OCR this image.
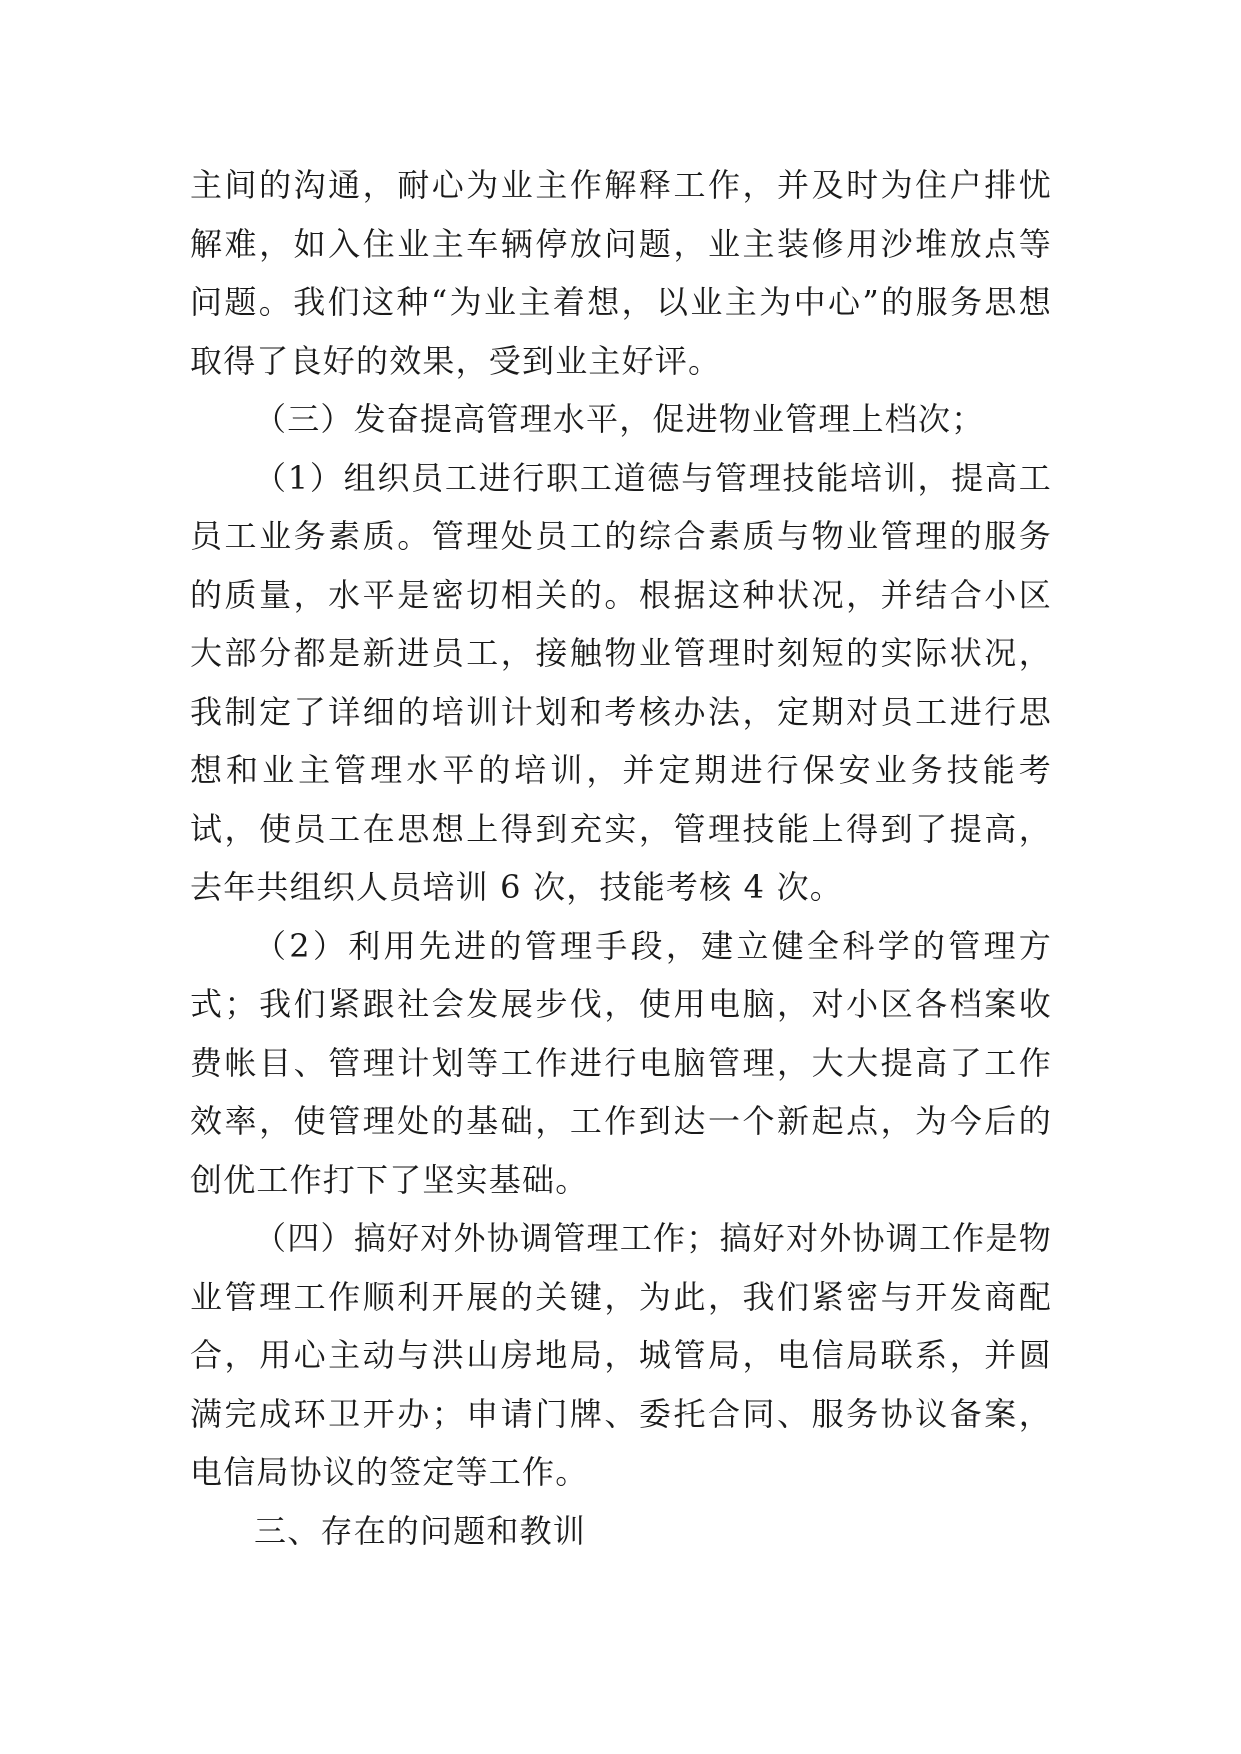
主间的沟通，耐心为业主作解释工作，并及时为住户排忧解难，如入住业主车辆停放问题，业主装修用沙堆放点等问题。我们这种“为业主着想，以业主为中心”的服务思想取得了良好的效果，受到业主好评。

（三）发奋提高管理水平，促进物业管理上档次；

（1）组织员工进行职工道德与管理技能培训，提高工员工业务素质。管理处员工的综合素质与物业管理的服务的质量，水平是密切相关的。根据这种状况，并结合小区大部分都是新进员工，接触物业管理时刻短的实际状况，我制定了详细的培训计划和考核办法，定期对员工进行思想和业主管理水平的培训，并定期进行保安业务技能考试，使员工在思想上得到充实，管理技能上得到了提高，去年共组织人员培训 6 次，技能考核 4 次。

（2）利用先进的管理手段，建立健全科学的管理方式；我们紧跟社会发展步伐，使用电脑，对小区各档案收费帐目、管理计划等工作进行电脑管理，大大提高了工作效率，使管理处的基础，工作到达一个新起点，为今后的创优工作打下了坚实基础。

（四）搞好对外协调管理工作；搞好对外协调工作是物业管理工作顺利开展的关键，为此，我们紧密与开发商配合，用心主动与洪山房地局，城管局，电信局联系，并圆满完成环卫开办；申请门牌、委托合同、服务协议备案，电信局协议的签定等工作。

三、存在的问题和教训
